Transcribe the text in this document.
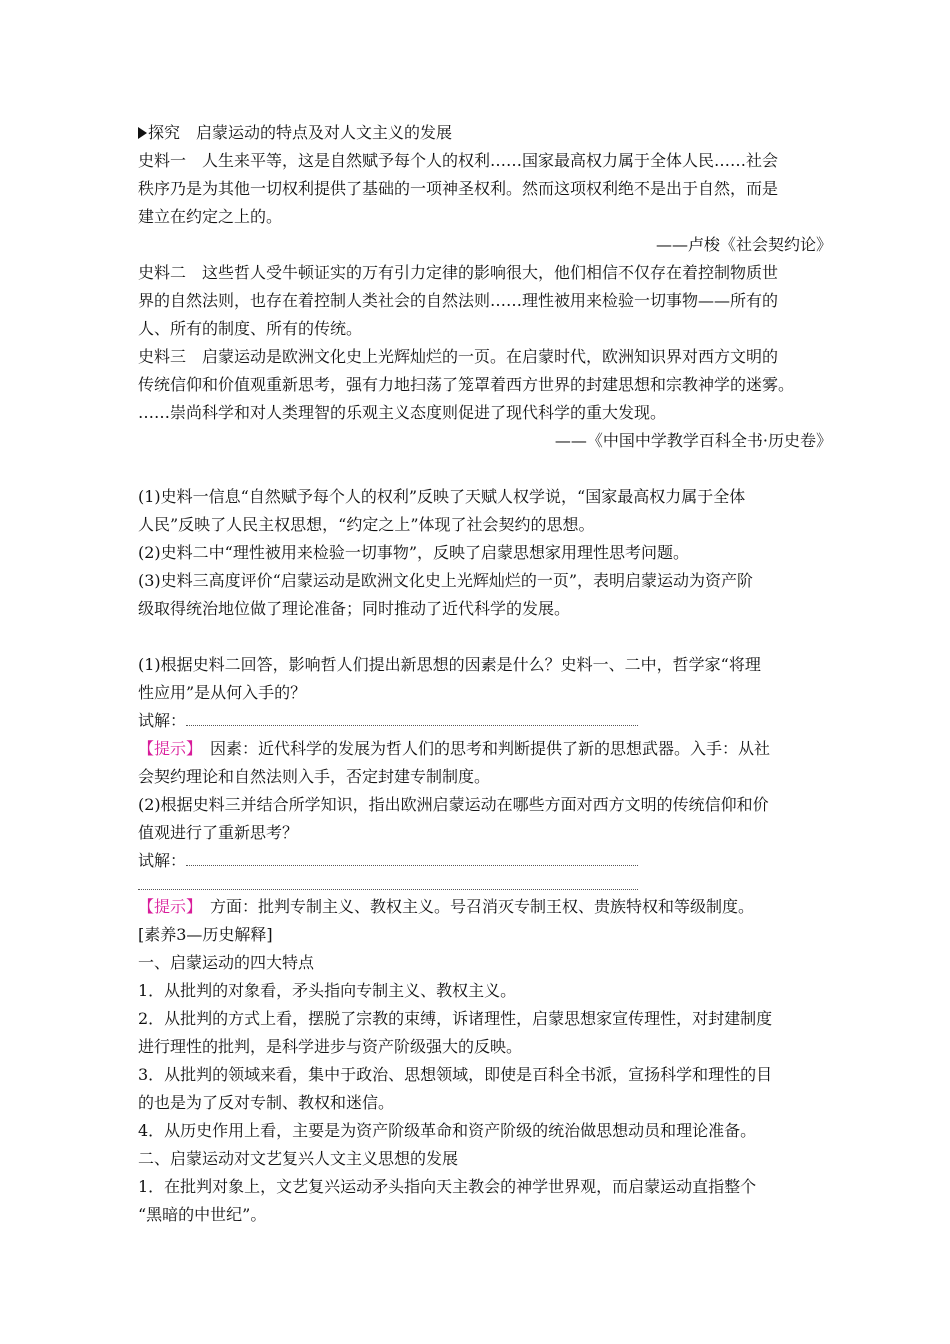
探究　启蒙运动的特点及对人文主义的发展
史料一　人生来平等，这是自然赋予每个人的权利……国家最高权力属于全体人民……社会
秩序乃是为其他一切权利提供了基础的一项神圣权利。然而这项权利绝不是出于自然，而是
建立在约定之上的。
——卢梭《社会契约论》
史料二　这些哲人受牛顿证实的万有引力定律的影响很大，他们相信不仅存在着控制物质世
界的自然法则，也存在着控制人类社会的自然法则……理性被用来检验一切事物——所有的
人、所有的制度、所有的传统。
史料三　启蒙运动是欧洲文化史上光辉灿烂的一页。在启蒙时代，欧洲知识界对西方文明的
传统信仰和价值观重新思考，强有力地扫荡了笼罩着西方世界的封建思想和宗教神学的迷雾。
……崇尚科学和对人类理智的乐观主义态度则促进了现代科学的重大发现。
——《中国中学教学百科全书·历史卷》
(1)史料一信息“自然赋予每个人的权利”反映了天赋人权学说，“国家最高权力属于全体
人民”反映了人民主权思想，“约定之上”体现了社会契约的思想。
(2)史料二中“理性被用来检验一切事物”，反映了启蒙思想家用理性思考问题。
(3)史料三高度评价“启蒙运动是欧洲文化史上光辉灿烂的一页”，表明启蒙运动为资产阶
级取得统治地位做了理论准备；同时推动了近代科学的发展。
(1)根据史料二回答，影响哲人们提出新思想的因素是什么？史料一、二中，哲学家“将理
性应用”是从何入手的？
试解：
【提示】　因素：近代科学的发展为哲人们的思考和判断提供了新的思想武器。入手：从社
会契约理论和自然法则入手，否定封建专制制度。
(2)根据史料三并结合所学知识，指出欧洲启蒙运动在哪些方面对西方文明的传统信仰和价
值观进行了重新思考？
试解：
【提示】　方面：批判专制主义、教权主义。号召消灭专制王权、贵族特权和等级制度。
[素养3—历史解释]
一、启蒙运动的四大特点
1．从批判的对象看，矛头指向专制主义、教权主义。
2．从批判的方式上看，摆脱了宗教的束缚，诉诸理性，启蒙思想家宣传理性，对封建制度
进行理性的批判，是科学进步与资产阶级强大的反映。
3．从批判的领域来看，集中于政治、思想领域，即使是百科全书派，宣扬科学和理性的目
的也是为了反对专制、教权和迷信。
4．从历史作用上看，主要是为资产阶级革命和资产阶级的统治做思想动员和理论准备。
二、启蒙运动对文艺复兴人文主义思想的发展
1．在批判对象上，文艺复兴运动矛头指向天主教会的神学世界观，而启蒙运动直指整个
“黑暗的中世纪”。
